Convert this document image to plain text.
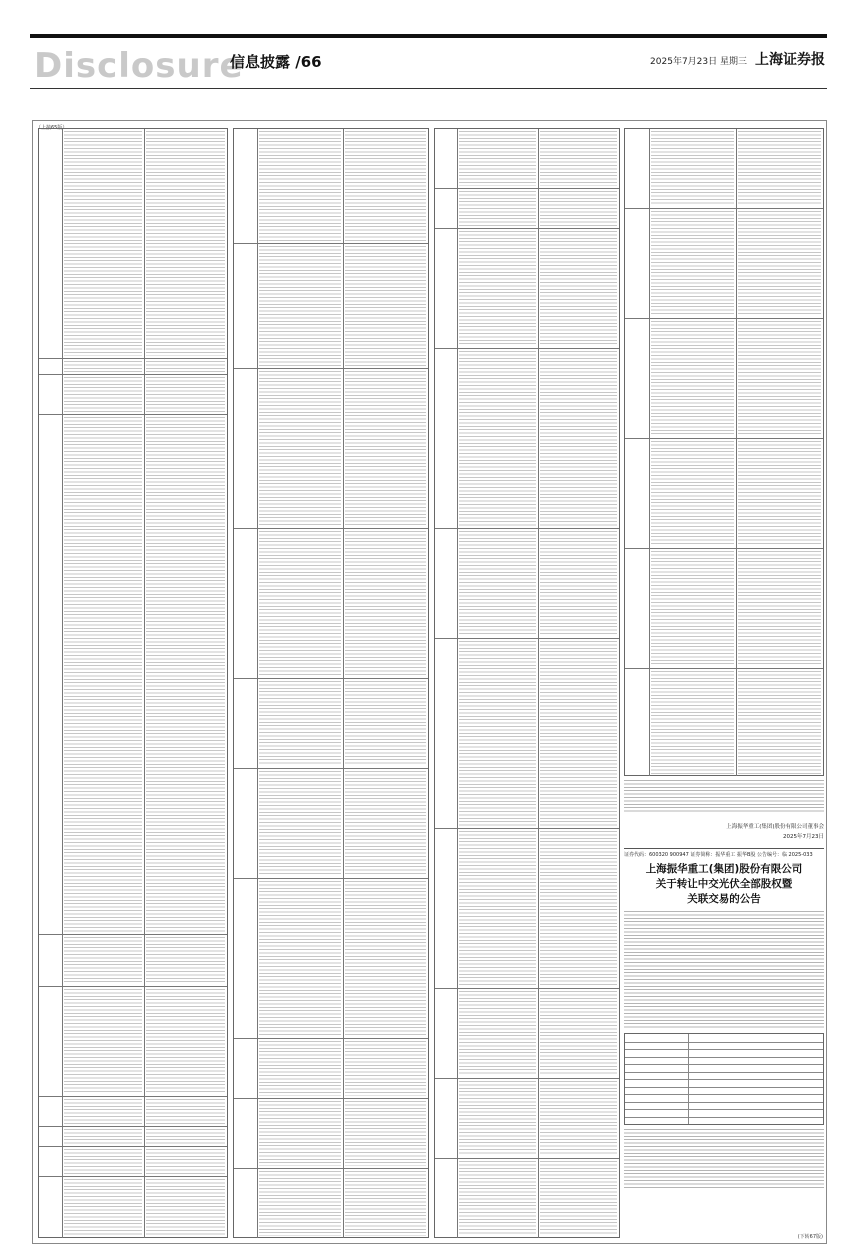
Disclosure
信息披露 /66	2025年7月23日 星期三 上海证券报
（上接65版）
上海振华重工(集团)股份有限公司董事会
2025年7月23日
证券代码：600320 900947 证券简称：振华重工 振华B股 公告编号：临 2025-033
上海振华重工(集团)股份有限公司
关于转让中交光伏全部股权暨
关联交易的公告
(下转67版)
